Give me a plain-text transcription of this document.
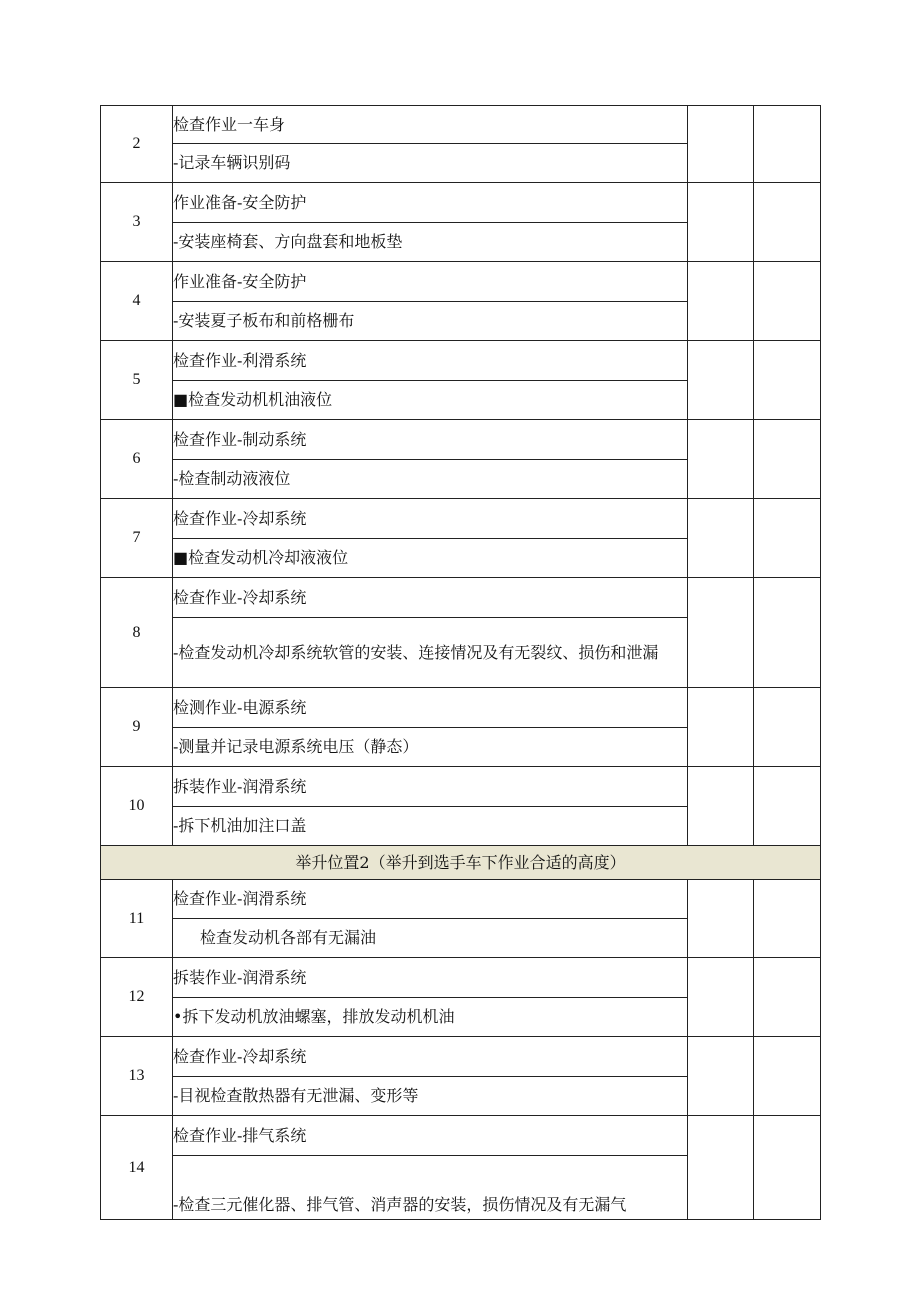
2	检查作业一车身		
	-记录车辆识别码		
3	作业准备-安全防护		
	-安装座椅套、方向盘套和地板垫		
4	作业准备-安全防护		
	-安装夏子板布和前格栅布		
5	检查作业-利滑系统		
	■检查发动机机油液位		
6	检查作业-制动系统		
	-检查制动液液位		
7	检查作业-冷却系统		
	■检查发动机冷却液液位		
8	检查作业-冷却系统		
	-检查发动机冷却系统软管的安装、连接情况及有无裂纹、损伤和泄漏		
9	检测作业-电源系统		
	-测量并记录电源系统电压（静态）		
10	拆装作业-润滑系统		
	-拆下机油加注口盖		
举升位置2（举升到选手车下作业合适的高度）			
11	检查作业-润滑系统		
	检查发动机各部有无漏油		
12	拆装作业-润滑系统		
	•拆下发动机放油螺塞，排放发动机机油		
13	检查作业-冷却系统		
	-目视检查散热器有无泄漏、变形等		
14	检查作业-排气系统		
	-检查三元催化器、排气管、消声器的安装，损伤情况及有无漏气		
